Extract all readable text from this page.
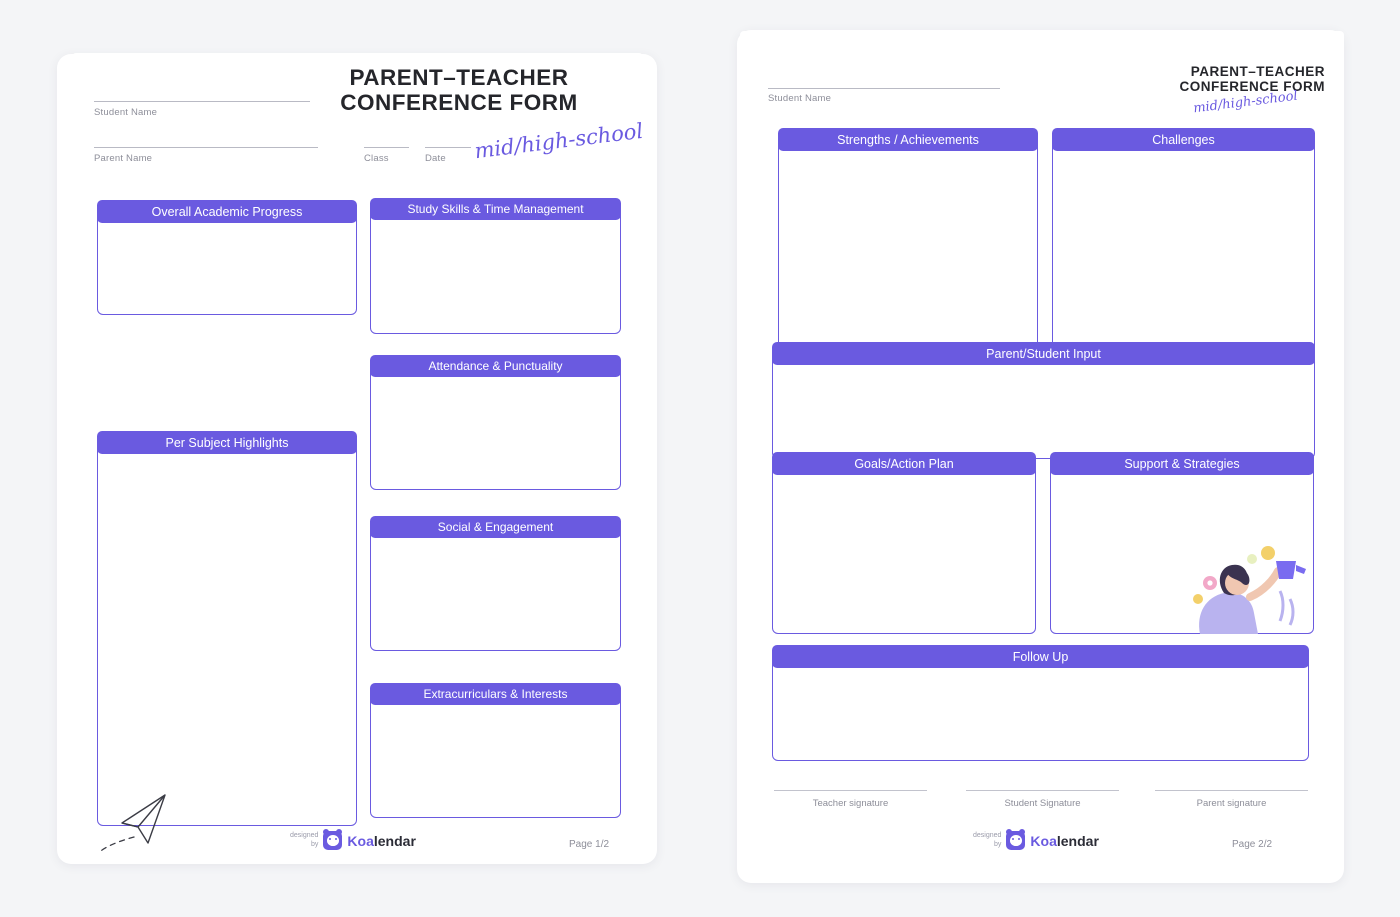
PARENT–TEACHER
CONFERENCE FORM
mid/high-school
Student Name
Parent Name	Class	Date
Overall Academic Progress
Per Subject Highlights
Study Skills & Time Management
Attendance & Punctuality
Social & Engagement
Extracurriculars & Interests
designed
by Koalendar	Page 1/2
PARENT–TEACHER
CONFERENCE FORM
mid/high-school
Student Name
Strengths / Achievements	Challenges
Parent/Student Input
Goals/Action Plan	Support & Strategies
Follow Up
Teacher signature	Student Signature	Parent signature
designed
by Koalendar	Page 2/2
